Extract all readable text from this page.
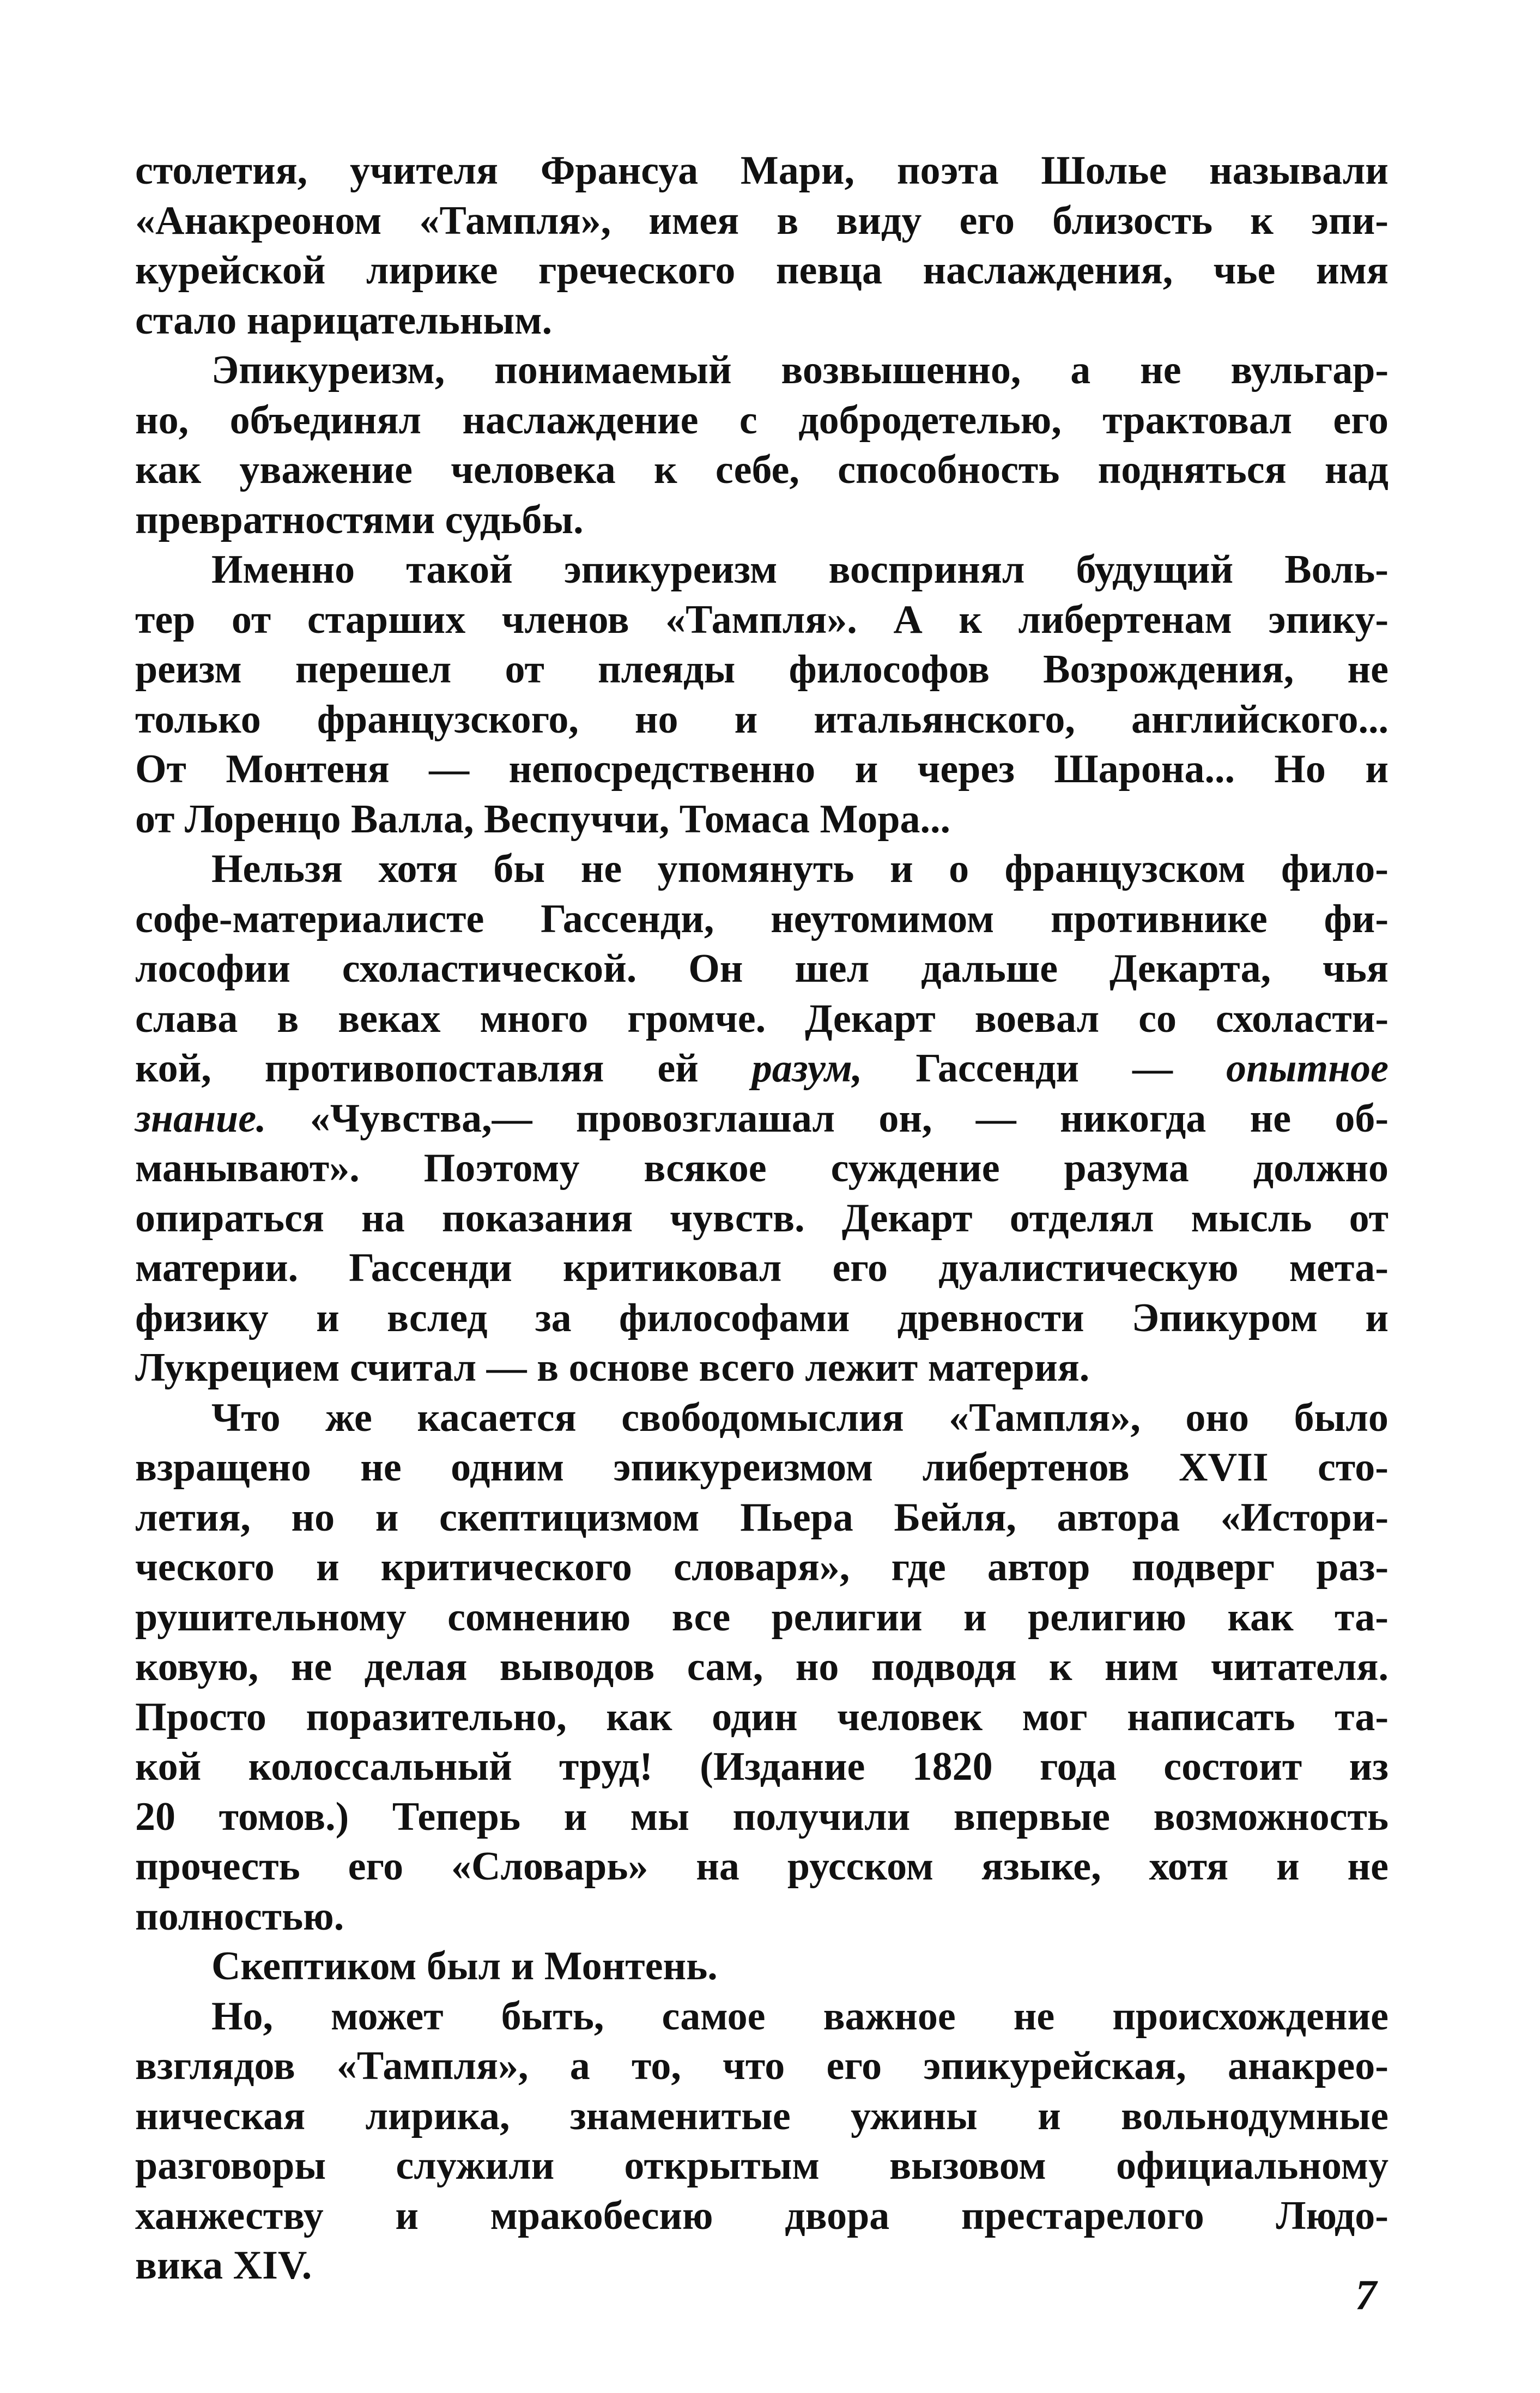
столетия, учителя Франсуа Мари, поэта Шолье называли
«Анакреоном «Тампля», имея в виду его близость к эпи-
курейской лирике греческого певца наслаждения, чье имя
стало нарицательным.
Эпикуреизм, понимаемый возвышенно, а не вульгар-
но, объединял наслаждение с добродетелью, трактовал его
как уважение человека к себе, способность подняться над
превратностями судьбы.
Именно такой эпикуреизм воспринял будущий Воль-
тер от старших членов «Тампля». А к либертенам эпику-
реизм перешел от плеяды философов Возрождения, не
только французского, но и итальянского, английского...
От Монтеня — непосредственно и через Шарона... Но и
от Лоренцо Валла, Веспуччи, Томаса Мора...
Нельзя хотя бы не упомянуть и о французском фило-
софе-материалисте Гассенди, неутомимом противнике фи-
лософии схоластической. Он шел дальше Декарта, чья
слава в веках много громче. Декарт воевал со схоласти-
кой, противопоставляя ей разум, Гассенди — опытное
знание. «Чувства,— провозглашал он, — никогда не об-
манывают». Поэтому всякое суждение разума должно
опираться на показания чувств. Декарт отделял мысль от
материи. Гассенди критиковал его дуалистическую мета-
физику и вслед за философами древности Эпикуром и
Лукрецием считал — в основе всего лежит материя.
Что же касается свободомыслия «Тампля», оно было
взращено не одним эпикуреизмом либертенов XVII сто-
летия, но и скептицизмом Пьера Бейля, автора «Истори-
ческого и критического словаря», где автор подверг раз-
рушительному сомнению все религии и религию как та-
ковую, не делая выводов сам, но подводя к ним читателя.
Просто поразительно, как один человек мог написать та-
кой колоссальный труд! (Издание 1820 года состоит из
20 томов.) Теперь и мы получили впервые возможность
прочесть его «Словарь» на русском языке, хотя и не
полностью.
Скептиком был и Монтень.
Но, может быть, самое важное не происхождение
взглядов «Тампля», а то, что его эпикурейская, анакрео-
ническая лирика, знаменитые ужины и вольнодумные
разговоры служили открытым вызовом официальному
ханжеству и мракобесию двора престарелого Людо-
вика XIV.
7
